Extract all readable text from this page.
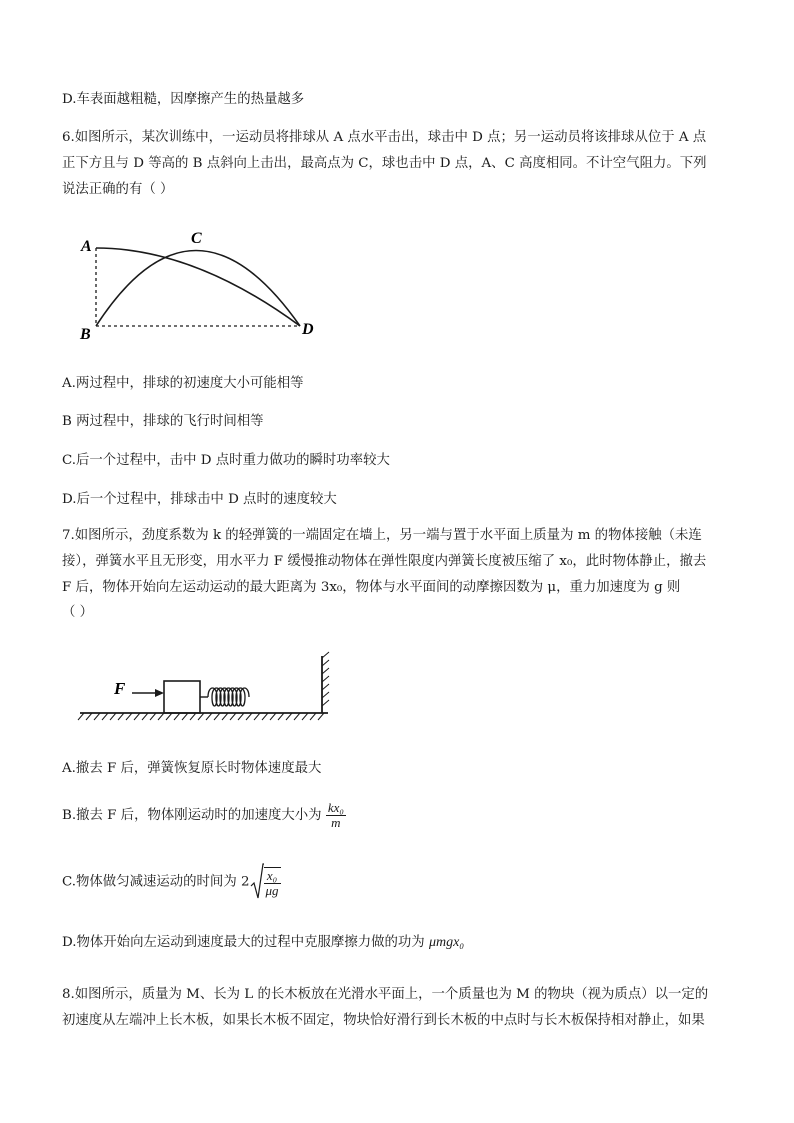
D.车表面越粗糙，因摩擦产生的热量越多
6.如图所示，某次训练中，一运动员将排球从 A 点水平击出，球击中 D 点；另一运动员将该排球从位于 A 点
正下方且与 D 等高的 B 点斜向上击出，最高点为 C，球也击中 D 点，A、C 高度相同。不计空气阻力。下列
说法正确的有（ ）
A
B
C
D
A.两过程中，排球的初速度大小可能相等
B 两过程中，排球的飞行时间相等
C.后一个过程中，击中 D 点时重力做功的瞬时功率较大
D.后一个过程中，排球击中 D 点时的速度较大
7.如图所示，劲度系数为 k 的轻弹簧的一端固定在墙上，另一端与置于水平面上质量为 m 的物体接触（未连
接），弹簧水平且无形变，用水平力 F 缓慢推动物体在弹性限度内弹簧长度被压缩了 x₀，此时物体静止，撤去
F 后，物体开始向左运动运动的最大距离为 3x₀，物体与水平面间的动摩擦因数为 μ，重力加速度为 g 则
（ ）
F
A.撤去 F 后，弹簧恢复原长时物体速度最大
B.撤去 F 后，物体刚运动时的加速度大小为 $\frac{\text{kx₀}}{m}$
C.物体做匀减速运动的时间为 $2 \frac{\text{x₀}}{\mu g}$
D.物体开始向左运动到速度最大的过程中克服摩擦力做的功为 μmgx₀
8.如图所示，质量为 M、长为 L 的长木板放在光滑水平面上，一个质量也为 M 的物块（视为质点）以一定的
初速度从左端冲上长木板，如果长木板不固定，物块恰好滑行到长木板的中点时与长木板保持相对静止，如果
